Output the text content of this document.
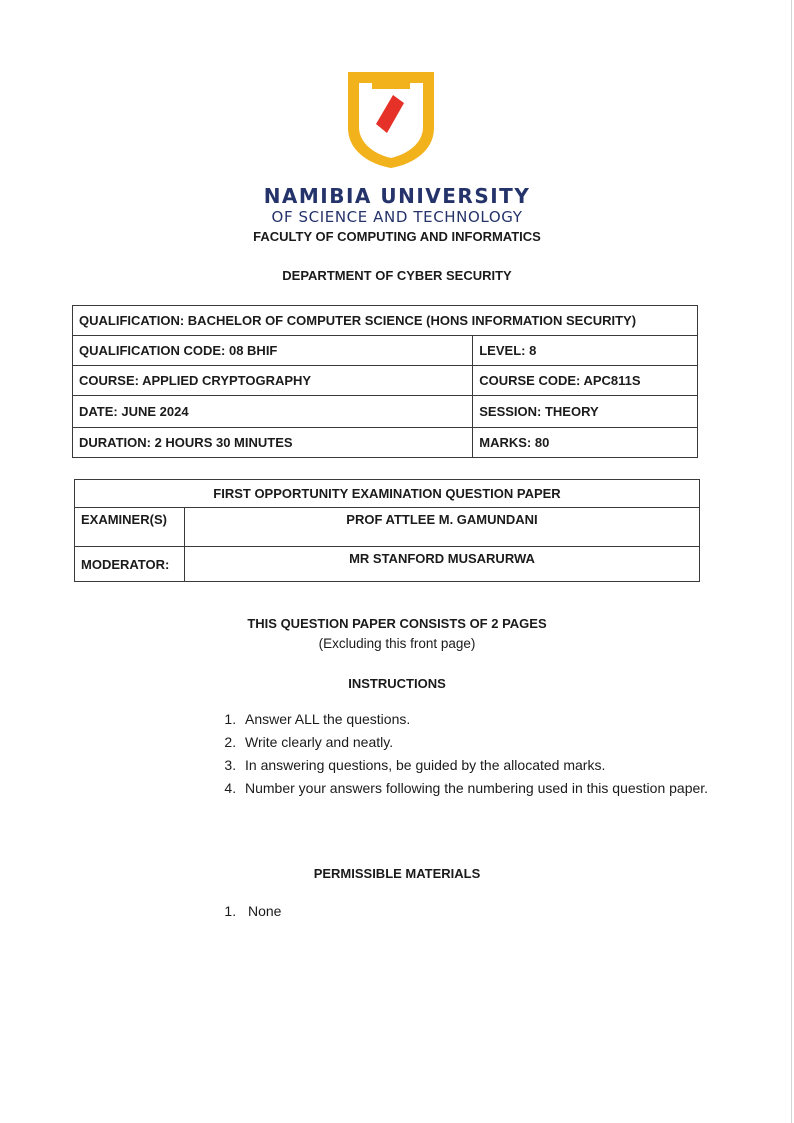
NAMIBIA UNIVERSITY
OF SCIENCE AND TECHNOLOGY
FACULTY OF COMPUTING AND INFORMATICS
DEPARTMENT OF CYBER SECURITY
QUALIFICATION: BACHELOR OF COMPUTER SCIENCE (HONS INFORMATION SECURITY)	
QUALIFICATION CODE: 08 BHIF	LEVEL: 8
COURSE: APPLIED CRYPTOGRAPHY	COURSE CODE: APC811S
DATE: JUNE 2024	SESSION: THEORY
DURATION: 2 HOURS 30 MINUTES	MARKS: 80
FIRST OPPORTUNITY EXAMINATION QUESTION PAPER	
EXAMINER(S)	PROF ATTLEE M. GAMUNDANI
MODERATOR:	MR STANFORD MUSARURWA
THIS QUESTION PAPER CONSISTS OF 2 PAGES
(Excluding this front page)
INSTRUCTIONS
1. Answer ALL the questions.
2. Write clearly and neatly.
3. In answering questions, be guided by the allocated marks.
4. Number your answers following the numbering used in this question paper.
PERMISSIBLE MATERIALS
1. None
